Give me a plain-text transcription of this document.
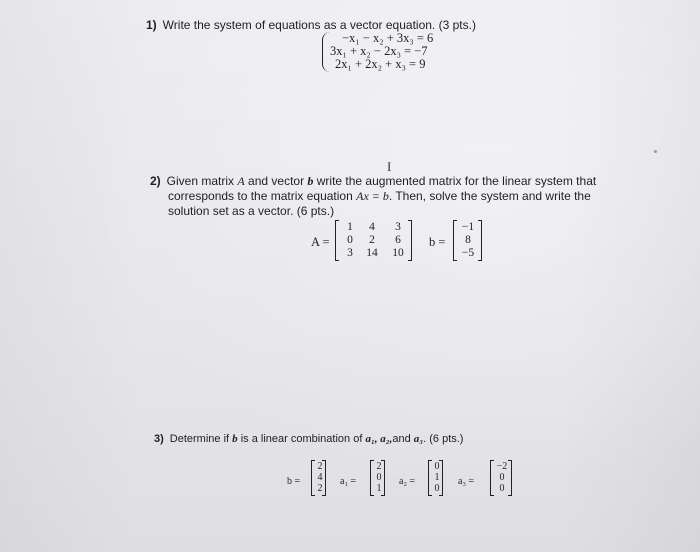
1) Write the system of equations as a vector equation. (3 pts.)
−x₁ − x₂ + 3x₃ = 6
3x₁ + x₂ − 2x₃ = −7
2x₁ + 2x₂ + x₃ = 9
I
2) Given matrix A and vector b write the augmented matrix for the linear system that
corresponds to the matrix equation Ax = b. Then, solve the system and write the
solution set as a vector. (6 pts.)
A =
1	4	3
0	2	6
3	14	10
b =
−1
8
−5
3) Determine if b is a linear combination of a₁, a₂,and a₃. (6 pts.)
b =
2
4
2
a₁ =
2
0
1
a₂ =
0
1
0
a₃ =
−2
0
0
